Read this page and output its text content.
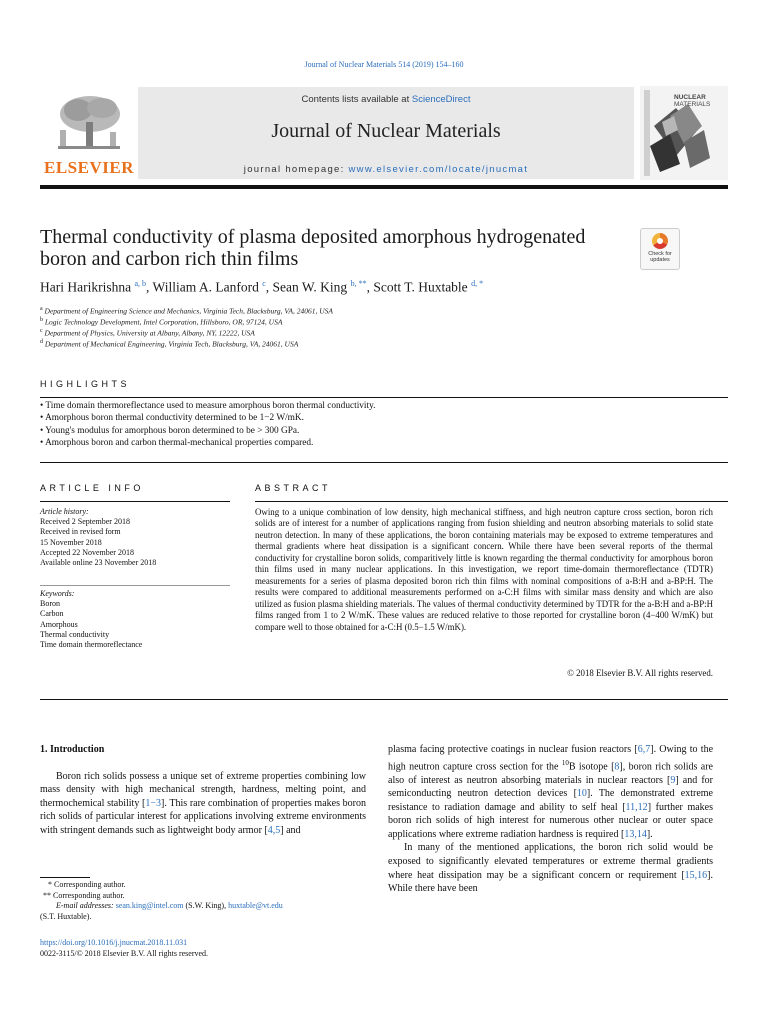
Journal of Nuclear Materials 514 (2019) 154–160
ELSEVIER
Contents lists available at ScienceDirect
Journal of Nuclear Materials
journal homepage: www.elsevier.com/locate/jnucmat
NUCLEAR
MATERIALS
Thermal conductivity of plasma deposited amorphous hydrogenated boron and carbon rich thin films	Check for
updates
Hari Harikrishna $^{a, b}$, William A. Lanford $^c$, Sean W. King $^{b, **}$, Scott T. Huxtable $^{d, *}$
$^a$ Department of Engineering Science and Mechanics, Virginia Tech, Blacksburg, VA, 24061, USA
$^b$ Logic Technology Development, Intel Corporation, Hillsboro, OR, 97124, USA
$^c$ Department of Physics, University at Albany, Albany, NY, 12222, USA
$^d$ Department of Mechanical Engineering, Virginia Tech, Blacksburg, VA, 24061, USA
HIGHLIGHTS
• Time domain thermoreflectance used to measure amorphous boron thermal conductivity.
• Amorphous boron thermal conductivity determined to be 1−2 W/mK.
• Young's modulus for amorphous boron determined to be > 300 GPa.
• Amorphous boron and carbon thermal-mechanical properties compared.
ARTICLE INFO
Article history:
Received 2 September 2018
Received in revised form
15 November 2018
Accepted 22 November 2018
Available online 23 November 2018
Keywords:
Boron
Carbon
Amorphous
Thermal conductivity
Time domain thermoreflectance
ABSTRACT
Owing to a unique combination of low density, high mechanical stiffness, and high neutron capture cross section, boron rich solids are of interest for a number of applications ranging from fusion shielding and neutron absorbing materials to solid state neutron detection. In many of these applications, the boron containing materials may be exposed to extreme temperatures and thermal gradients where heat dissipation is a significant concern. While there have been several reports of the thermal conductivity for crystalline boron solids, comparitively little is known regarding the thermal conductivity for amorphous boron thin films used in many nuclear applications. In this investigation, we report time-domain thermoreflectance (TDTR) measurements for a series of plasma deposited boron rich thin films with nominal compositions of a-B:H and a-BP:H. The results were compared to additional measurements performed on a-C:H films with similar mass density and which are also utilized as fusion plasma shielding materials. The values of thermal conductivity determined by TDTR for the a-B:H and a-BP:H films ranged from 1 to 2 W/mK. These values are reduced relative to those reported for crystalline boron (4−400 W/mK) but compare well to those obtained for a-C:H (0.5−1.5 W/mK).
© 2018 Elsevier B.V. All rights reserved.

1. Introduction

Boron rich solids possess a unique set of extreme properties combining low mass density with high mechanical strength, hardness, melting point, and thermochemical stability [1−3]. This rare combination of properties makes boron rich solids of particular interest for applications involving extreme environments with stringent demands such as lightweight body armor [4,5] and

plasma facing protective coatings in nuclear fusion reactors [6,7]. Owing to the high neutron capture cross section for the $^{10}$B isotope [8], boron rich solids are also of interest as neutron absorbing materials in nuclear reactors [9] and for semiconducting neutron detection devices [10]. The demonstrated extreme resistance to radiation damage and ability to self heal [11,12] further makes boron rich solids of high interest for numerous other nuclear or outer space applications where extreme radiation hardness is required [13,14].

In many of the mentioned applications, the boron rich solid would be exposed to significantly elevated temperatures or extreme thermal gradients where heat dissipation may be a significant concern or requirement [15,16]. While there have been

* Corresponding author.
** Corresponding author.
E-mail addresses: sean.king@intel.com (S.W. King), huxtable@vt.edu
(S.T. Huxtable).
https://doi.org/10.1016/j.jnucmat.2018.11.031
0022-3115/© 2018 Elsevier B.V. All rights reserved.
